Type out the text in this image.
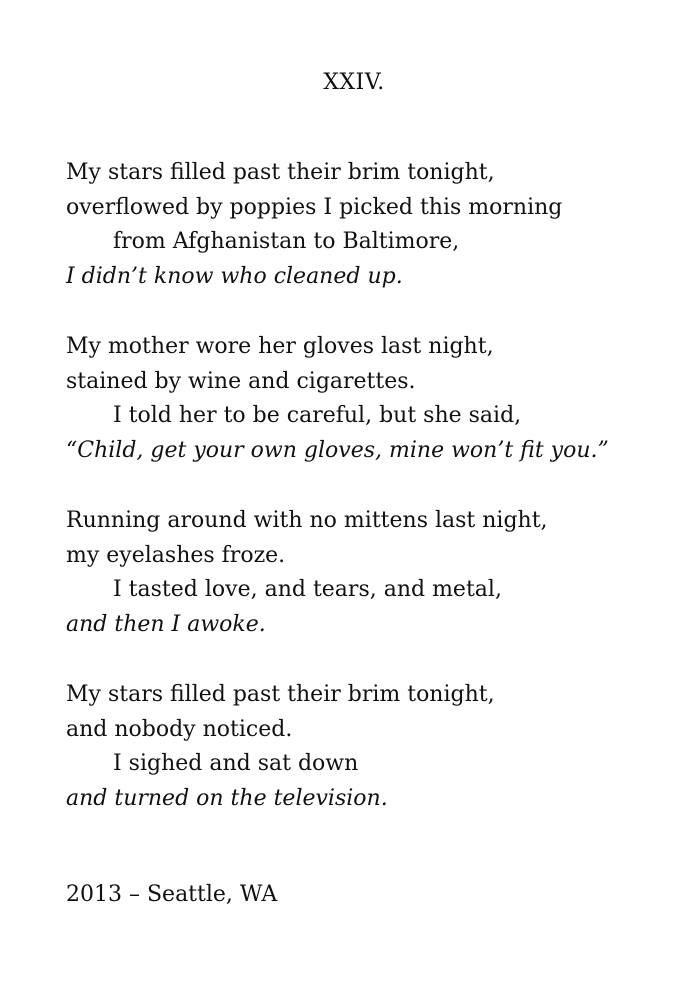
XXIV.
My stars filled past their brim tonight,
overflowed by poppies I picked this morning
from Afghanistan to Baltimore,
I didn’t know who cleaned up.
My mother wore her gloves last night,
stained by wine and cigarettes.
I told her to be careful, but she said,
“Child, get your own gloves, mine won’t fit you.”
Running around with no mittens last night,
my eyelashes froze.
I tasted love, and tears, and metal,
and then I awoke.
My stars filled past their brim tonight,
and nobody noticed.
I sighed and sat down
and turned on the television.
2013 – Seattle, WA
